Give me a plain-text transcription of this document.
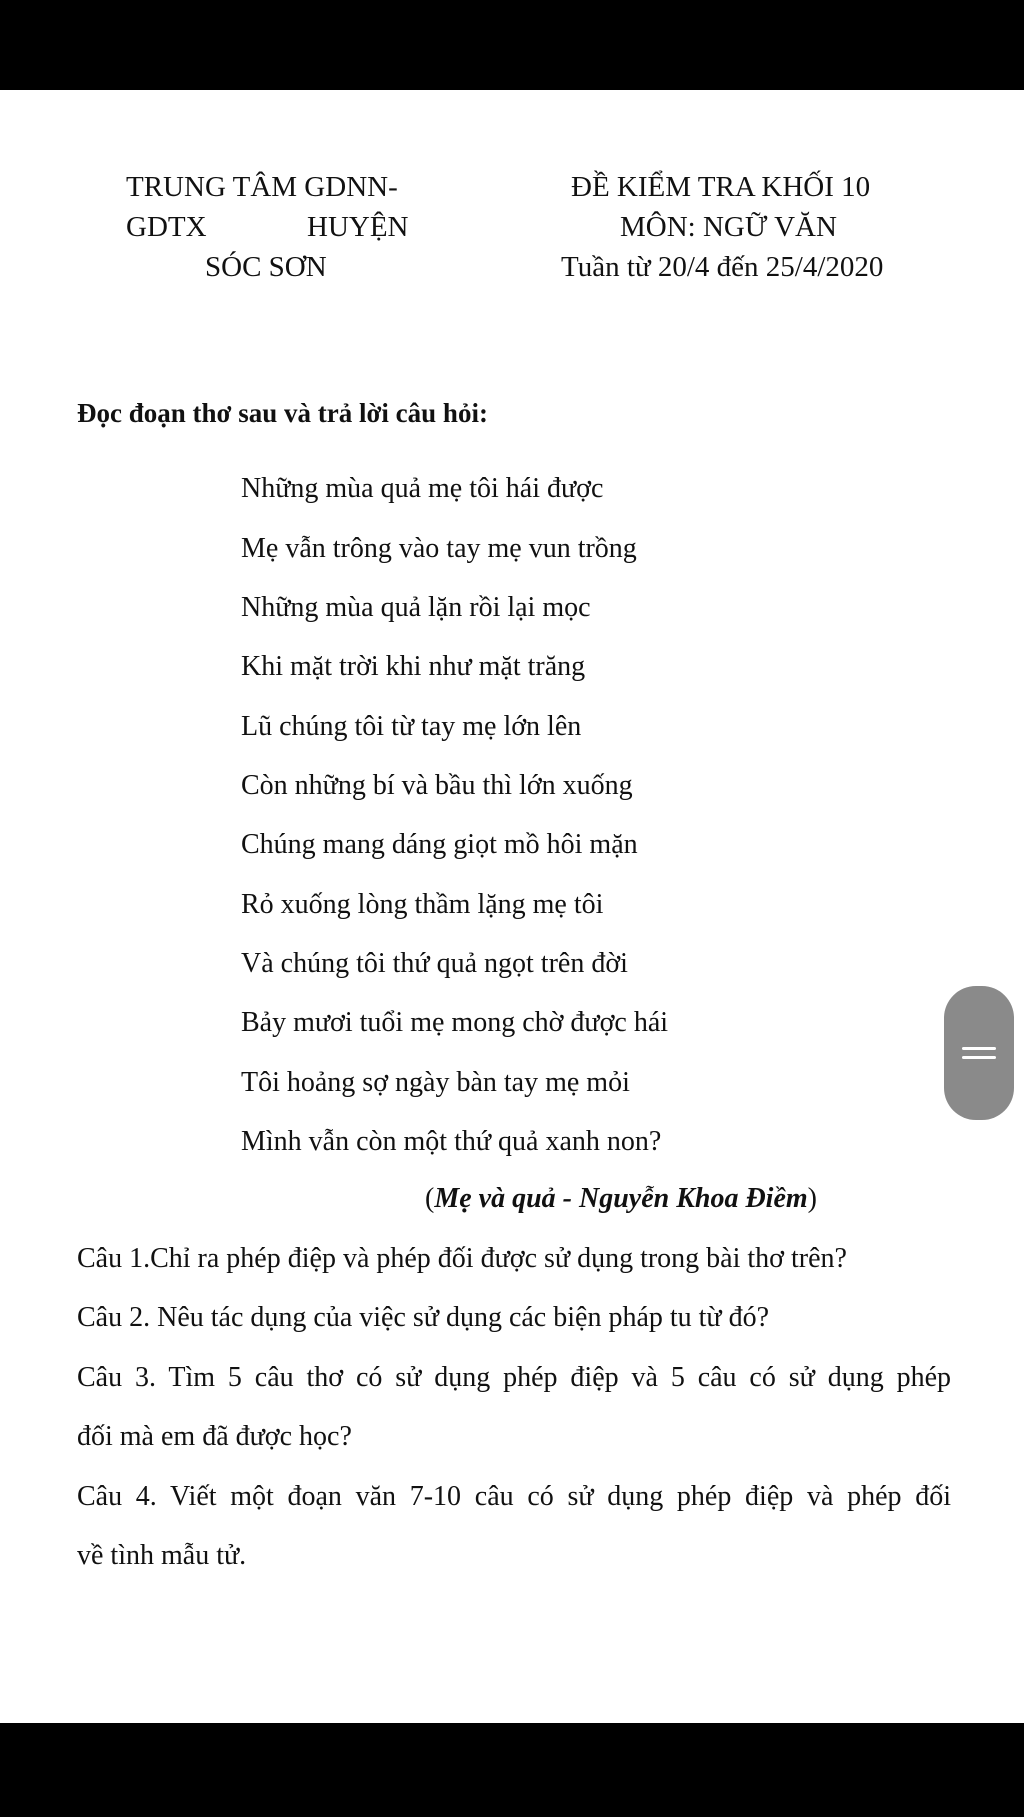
TRUNG TÂM GDNN-
GDTX	HUYỆN
SÓC SƠN
ĐỀ KIỂM TRA KHỐI 10
MÔN: NGỮ VĂN
Tuần từ 20/4 đến 25/4/2020
Đọc đoạn thơ sau và trả lời câu hỏi:
Những mùa quả mẹ tôi hái được
Mẹ vẫn trông vào tay mẹ vun trồng
Những mùa quả lặn rồi lại mọc
Khi mặt trời khi như mặt trăng
Lũ chúng tôi từ tay mẹ lớn lên
Còn những bí và bầu thì lớn xuống
Chúng mang dáng giọt mồ hôi mặn
Rỏ xuống lòng thầm lặng mẹ tôi
Và chúng tôi thứ quả ngọt trên đời
Bảy mươi tuổi mẹ mong chờ được hái
Tôi hoảng sợ ngày bàn tay mẹ mỏi
Mình vẫn còn một thứ quả xanh non?
(Mẹ và quả - Nguyễn Khoa Điềm)
Câu 1.Chỉ ra phép điệp và phép đối được sử dụng trong bài thơ trên?
Câu 2. Nêu tác dụng của việc sử dụng các biện pháp tu từ đó?
Câu 3. Tìm 5 câu thơ có sử dụng phép điệp và 5 câu có sử dụng phép
đối mà em đã được học?
Câu 4. Viết một đoạn văn 7-10 câu có sử dụng phép điệp và phép đối
về tình mẫu tử.
